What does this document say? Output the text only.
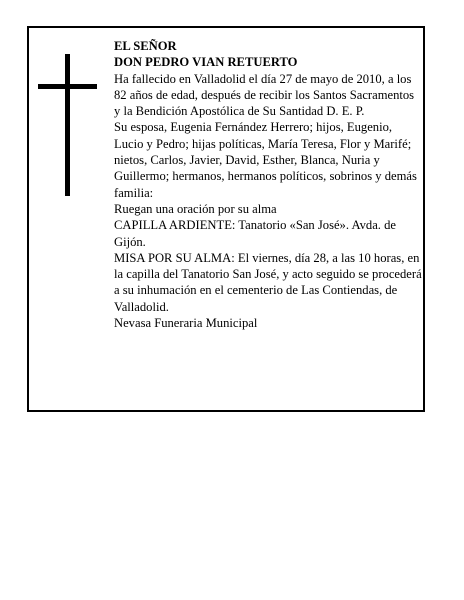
EL SEÑOR

DON PEDRO VIAN RETUERTO

Ha fallecido en Valladolid el día 27 de mayo de 2010, a los 82 años de edad, después de recibir los Santos Sacramentos y la Bendición Apostólica de Su Santidad D. E. P.

Su esposa, Eugenia Fernández Herrero; hijos, Eugenio, Lucio y Pedro; hijas políticas, María Teresa, Flor y Marifé; nietos, Carlos, Javier, David, Esther, Blanca, Nuria y Guillermo; hermanos, hermanos políticos, sobrinos y demás familia:

Ruegan una oración por su alma

CAPILLA ARDIENTE: Tanatorio «San José». Avda. de Gijón.

MISA POR SU ALMA: El viernes, día 28, a las 10 horas, en la capilla del Tanatorio San José, y acto seguido se procederá a su inhumación en el cementerio de Las Contiendas, de Valladolid.

Nevasa Funeraria Municipal
